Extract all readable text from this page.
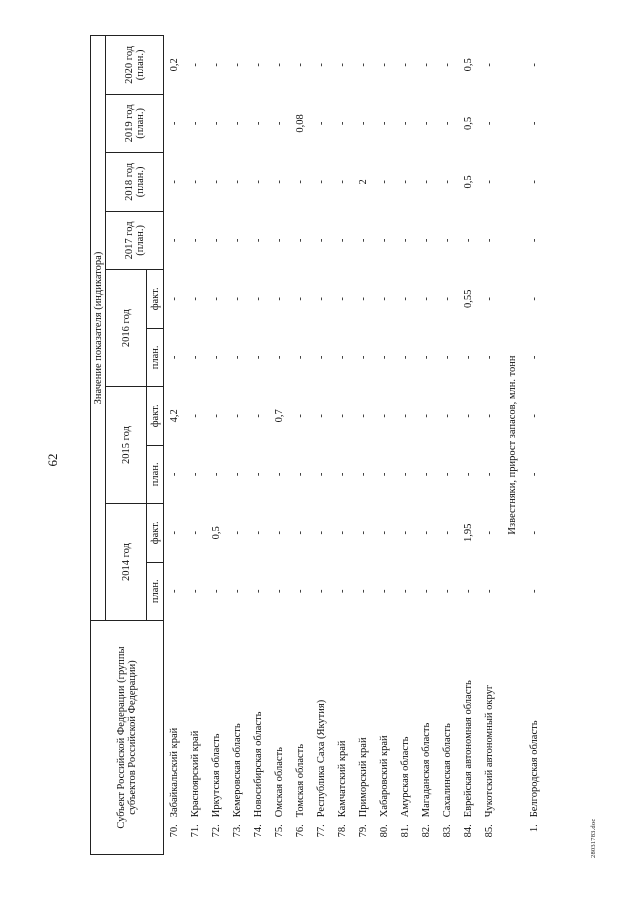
62
28031783.doc
Субъект Российской Федерации (группы субъектов Российской Федерации)		Значение показателя (индикатора)									
		2014 год		2015 год		2016 год		2017 год (план.)	2018 год (план.)	2019 год (план.)	2020 год (план.)
		план.	факт.	план.	факт.	план.	факт.				
70.	Забайкальский край	-	-	-	4,2	-	-	-	-	-	0,2
71.	Красноярский край	-	-	-	-	-	-	-	-	-	-
72.	Иркутская область	-	0,5	-	-	-	-	-	-	-	-
73.	Кемеровская область	-	-	-	-	-	-	-	-	-	-
74.	Новосибирская область	-	-	-	-	-	-	-	-	-	-
75.	Омская область	-	-	-	0,7	-	-	-	-	-	-
76.	Томская область	-	-	-	-	-	-	-	-	0,08	-
77.	Республика Саха (Якутия)	-	-	-	-	-	-	-	-	-	-
78.	Камчатский край	-	-	-	-	-	-	-	-	-	-
79.	Приморский край	-	-	-	-	-	-	-	2	-	-
80.	Хабаровский край	-	-	-	-	-	-	-	-	-	-
81.	Амурская область	-	-	-	-	-	-	-	-	-	-
82.	Магаданская область	-	-	-	-	-	-	-	-	-	-
83.	Сахалинская область	-	-	-	-	-	-	-	-	-	-
84.	Еврейская автономная область	-	1,95	-	-	-	0,55	-	0,5	0,5	0,5
85.	Чукотский автономный округ	-	-	-	-	-	-	-	-	-	-
Известняки, прирост запасов, млн. тонн											
1.	Белгородская область	-	-	-	-	-	-	-	-	-	-
